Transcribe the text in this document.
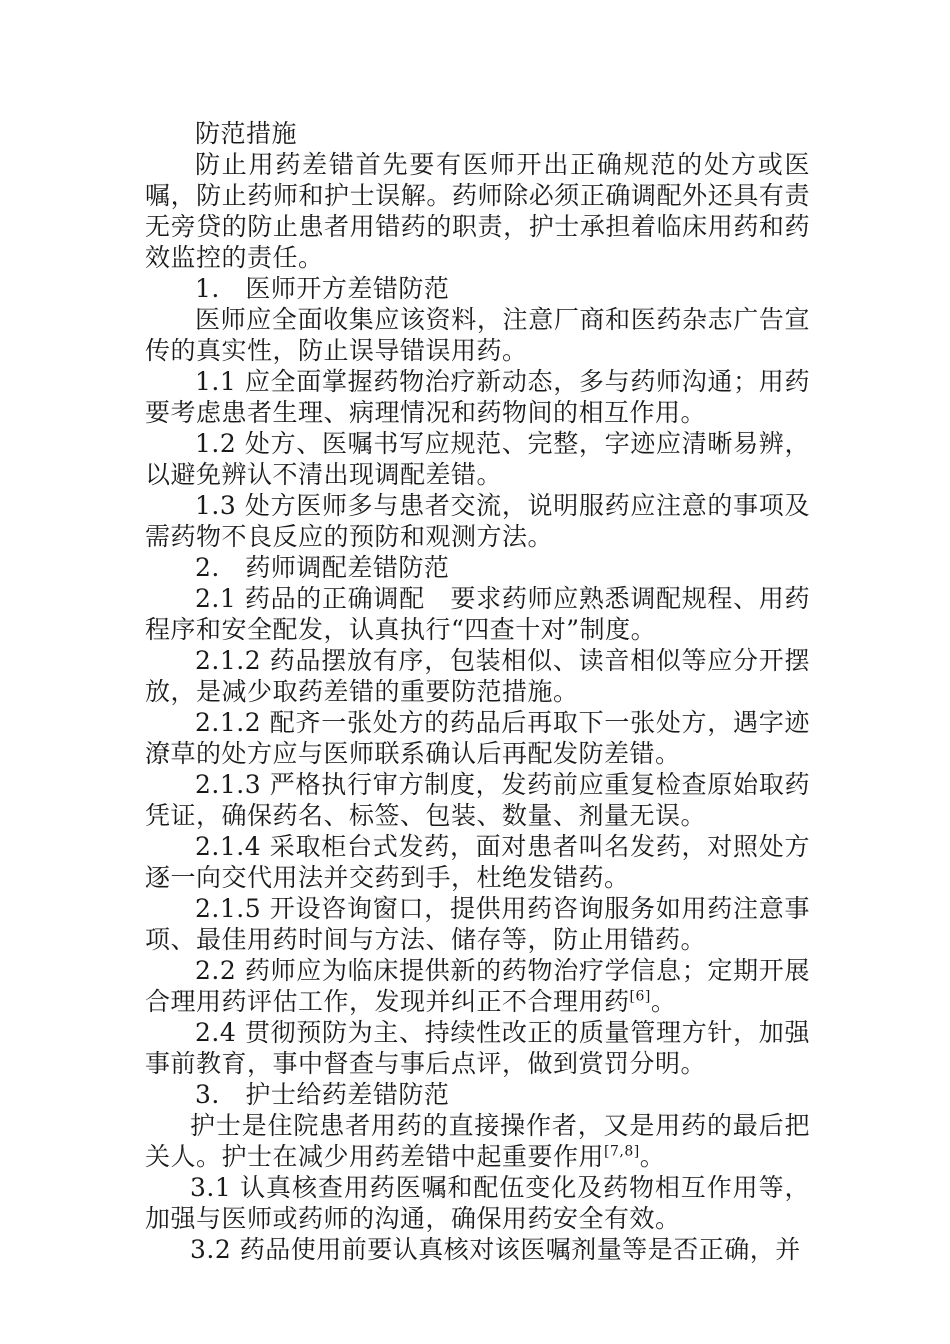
防范措施

防止用药差错首先要有医师开出正确规范的处方或医嘱，防止药师和护士误解。药师除必须正确调配外还具有责无旁贷的防止患者用错药的职责，护士承担着临床用药和药效监控的责任。

1.　医师开方差错防范

医师应全面收集应该资料，注意厂商和医药杂志广告宣传的真实性，防止误导错误用药。

1.1 应全面掌握药物治疗新动态，多与药师沟通；用药要考虑患者生理、病理情况和药物间的相互作用。

1.2 处方、医嘱书写应规范、完整，字迹应清晰易辨，以避免辨认不清出现调配差错。

1.3 处方医师多与患者交流，说明服药应注意的事项及需药物不良反应的预防和观测方法。

2.　药师调配差错防范

2.1 药品的正确调配　要求药师应熟悉调配规程、用药程序和安全配发，认真执行“四查十对”制度。

2.1.2 药品摆放有序，包装相似、读音相似等应分开摆放，是减少取药差错的重要防范措施。

2.1.2 配齐一张处方的药品后再取下一张处方，遇字迹潦草的处方应与医师联系确认后再配发防差错。

2.1.3 严格执行审方制度，发药前应重复检查原始取药凭证，确保药名、标签、包装、数量、剂量无误。

2.1.4 采取柜台式发药，面对患者叫名发药，对照处方逐一向交代用法并交药到手，杜绝发错药。

2.1.5 开设咨询窗口，提供用药咨询服务如用药注意事项、最佳用药时间与方法、储存等，防止用错药。

2.2 药师应为临床提供新的药物治疗学信息；定期开展合理用药评估工作，发现并纠正不合理用药[6]。

2.4 贯彻预防为主、持续性改正的质量管理方针，加强事前教育，事中督查与事后点评，做到赏罚分明。

3.　护士给药差错防范

护士是住院患者用药的直接操作者，又是用药的最后把关人。护士在减少用药差错中起重要作用[7,8]。

3.1 认真核查用药医嘱和配伍变化及药物相互作用等，加强与医师或药师的沟通，确保用药安全有效。

3.2 药品使用前要认真核对该医嘱剂量等是否正确，并
